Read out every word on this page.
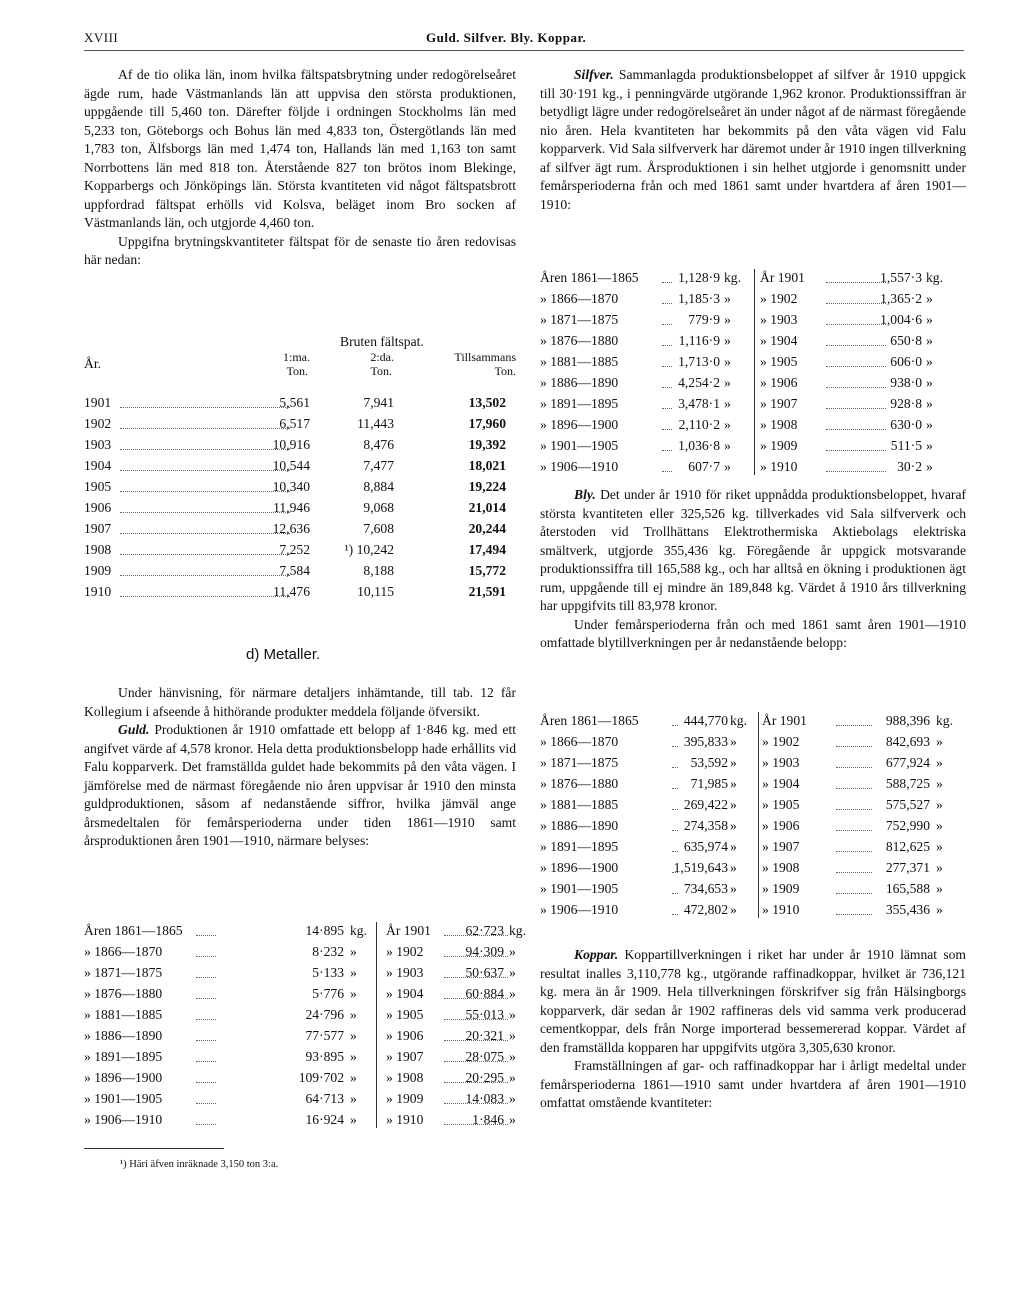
XVIII	Guld. Silfver. Bly. Koppar.

Af de tio olika län, inom hvilka fältspatsbrytning under redogörelseåret ägde rum, hade Västmanlands län att uppvisa den största produktionen, uppgående till 5,460 ton. Därefter följde i ordningen Stockholms län med 5,233 ton, Göteborgs och Bohus län med 4,833 ton, Östergötlands län med 1,783 ton, Älfsborgs län med 1,474 ton, Hallands län med 1,163 ton samt Norrbottens län med 818 ton. Återstående 827 ton brötos inom Blekinge, Kopparbergs och Jönköpings län. Största kvantiteten vid något fältspatsbrott uppfordrad fältspat erhölls vid Kolsva, beläget inom Bro socken af Västmanlands län, och utgjorde 4,460 ton.

Uppgifna brytningskvantiteter fältspat för de senaste tio åren redovisas här nedan:

Bruten fältspat.
År.	1:ma.	2:da.	Tillsammans
Ton.	Ton.	Ton.
1901	5,561	7,941	13,502
1902	6,517	11,443	17,960
1903	10,916	8,476	19,392
1904	10,544	7,477	18,021
1905	10,340	8,884	19,224
1906	11,946	9,068	21,014
1907	12,636	7,608	20,244
1908	7,252	¹) 10,242	17,494
1909	7,584	8,188	15,772
1910	11,476	10,115	21,591
d) Metaller.

Under hänvisning, för närmare detaljers inhämtande, till tab. 12 får Kollegium i afseende å hithörande produkter meddela följande öfversikt.

Guld. Produktionen år 1910 omfattade ett belopp af 1·846 kg. med ett angifvet värde af 4,578 kronor. Hela detta produktionsbelopp hade erhållits vid Falu kopparverk. Det framställda guldet hade bekommits på den våta vägen. I jämförelse med de närmast föregående nio åren uppvisar år 1910 den minsta guldproduktionen, såsom af nedanstående siffror, hvilka jämväl ange årsmedeltalen för femårsperioderna under tiden 1861—1910 samt årsproduktionen åren 1901—1910, närmare belyses:

Åren 1861—1865	14·895 kg. År 1901	62·723 kg.
» 1866—1870	8·232 » » 1902	94·309 »
» 1871—1875	5·133 » » 1903	50·637 »
» 1876—1880	5·776 » » 1904	60·884 »
» 1881—1885	24·796 » » 1905	55·013 »
» 1886—1890	77·577 » » 1906	20·321 »
» 1891—1895	93·895 » » 1907	28·075 »
» 1896—1900	109·702 » » 1908	20·295 »
» 1901—1905	64·713 » » 1909	14·083 »
» 1906—1910	16·924 » » 1910	1·846 »
¹) Häri äfven inräknade 3,150 ton 3:a.

Silfver. Sammanlagda produktionsbeloppet af silfver år 1910 uppgick till 30·191 kg., i penningvärde utgörande 1,962 kronor. Produktionssiffran är betydligt lägre under redogörelseåret än under något af de närmast föregående nio åren. Hela kvantiteten har bekommits på den våta vägen vid Falu kopparverk. Vid Sala silfververk har däremot under år 1910 ingen tillverkning af silfver ägt rum. Årsproduktionen i sin helhet utgjorde i genomsnitt under femårsperioderna från och med 1861 samt under hvartdera af åren 1901—1910:

Åren 1861—1865	1,128·9 kg. År 1901	1,557·3 kg.
» 1866—1870	1,185·3 » » 1902	1,365·2 »
» 1871—1875	779·9 » » 1903	1,004·6 »
» 1876—1880	1,116·9 » » 1904	650·8 »
» 1881—1885	1,713·0 » » 1905	606·0 »
» 1886—1890	4,254·2 » » 1906	938·0 »
» 1891—1895	3,478·1 » » 1907	928·8 »
» 1896—1900	2,110·2 » » 1908	630·0 »
» 1901—1905	1,036·8 » » 1909	511·5 »
» 1906—1910	607·7 » » 1910	30·2 »

Bly. Det under år 1910 för riket uppnådda produktionsbeloppet, hvaraf största kvantiteten eller 325,526 kg. tillverkades vid Sala silfververk och återstoden vid Trollhättans Elektrothermiska Aktiebolags elektriska smältverk, utgjorde 355,436 kg. Föregående år uppgick motsvarande produktionssiffra till 165,588 kg., och har alltså en ökning i produktionen ägt rum, uppgående till ej mindre än 189,848 kg. Värdet å 1910 års tillverkning har uppgifvits till 83,978 kronor.

Under femårsperioderna från och med 1861 samt åren 1901—1910 omfattade blytillverkningen per år nedanstående belopp:

Åren 1861—1865	444,770 kg. År 1901	988,396 kg.
» 1866—1870	395,833 » » 1902	842,693 »
» 1871—1875	53,592 » » 1903	677,924 »
» 1876—1880	71,985 » » 1904	588,725 »
» 1881—1885	269,422 » » 1905	575,527 »
» 1886—1890	274,358 » » 1906	752,990 »
» 1891—1895	635,974 » » 1907	812,625 »
» 1896—1900	1,519,643 » » 1908	277,371 »
» 1901—1905	734,653 » » 1909	165,588 »
» 1906—1910	472,802 » » 1910	355,436 »

Koppar. Koppartillverkningen i riket har under år 1910 lämnat som resultat inalles 3,110,778 kg., utgörande raffinadkoppar, hvilket är 736,121 kg. mera än år 1909. Hela tillverkningen förskrifver sig från Hälsingborgs kopparverk, där sedan år 1902 raffineras dels vid samma verk producerad cementkoppar, dels från Norge importerad bessemererad koppar. Värdet af den framställda kopparen har uppgifvits utgöra 3,305,630 kronor.

Framställningen af gar- och raffinadkoppar har i årligt medeltal under femårsperioderna 1861—1910 samt under hvartdera af åren 1901—1910 omfattat omstående kvantiteter:
